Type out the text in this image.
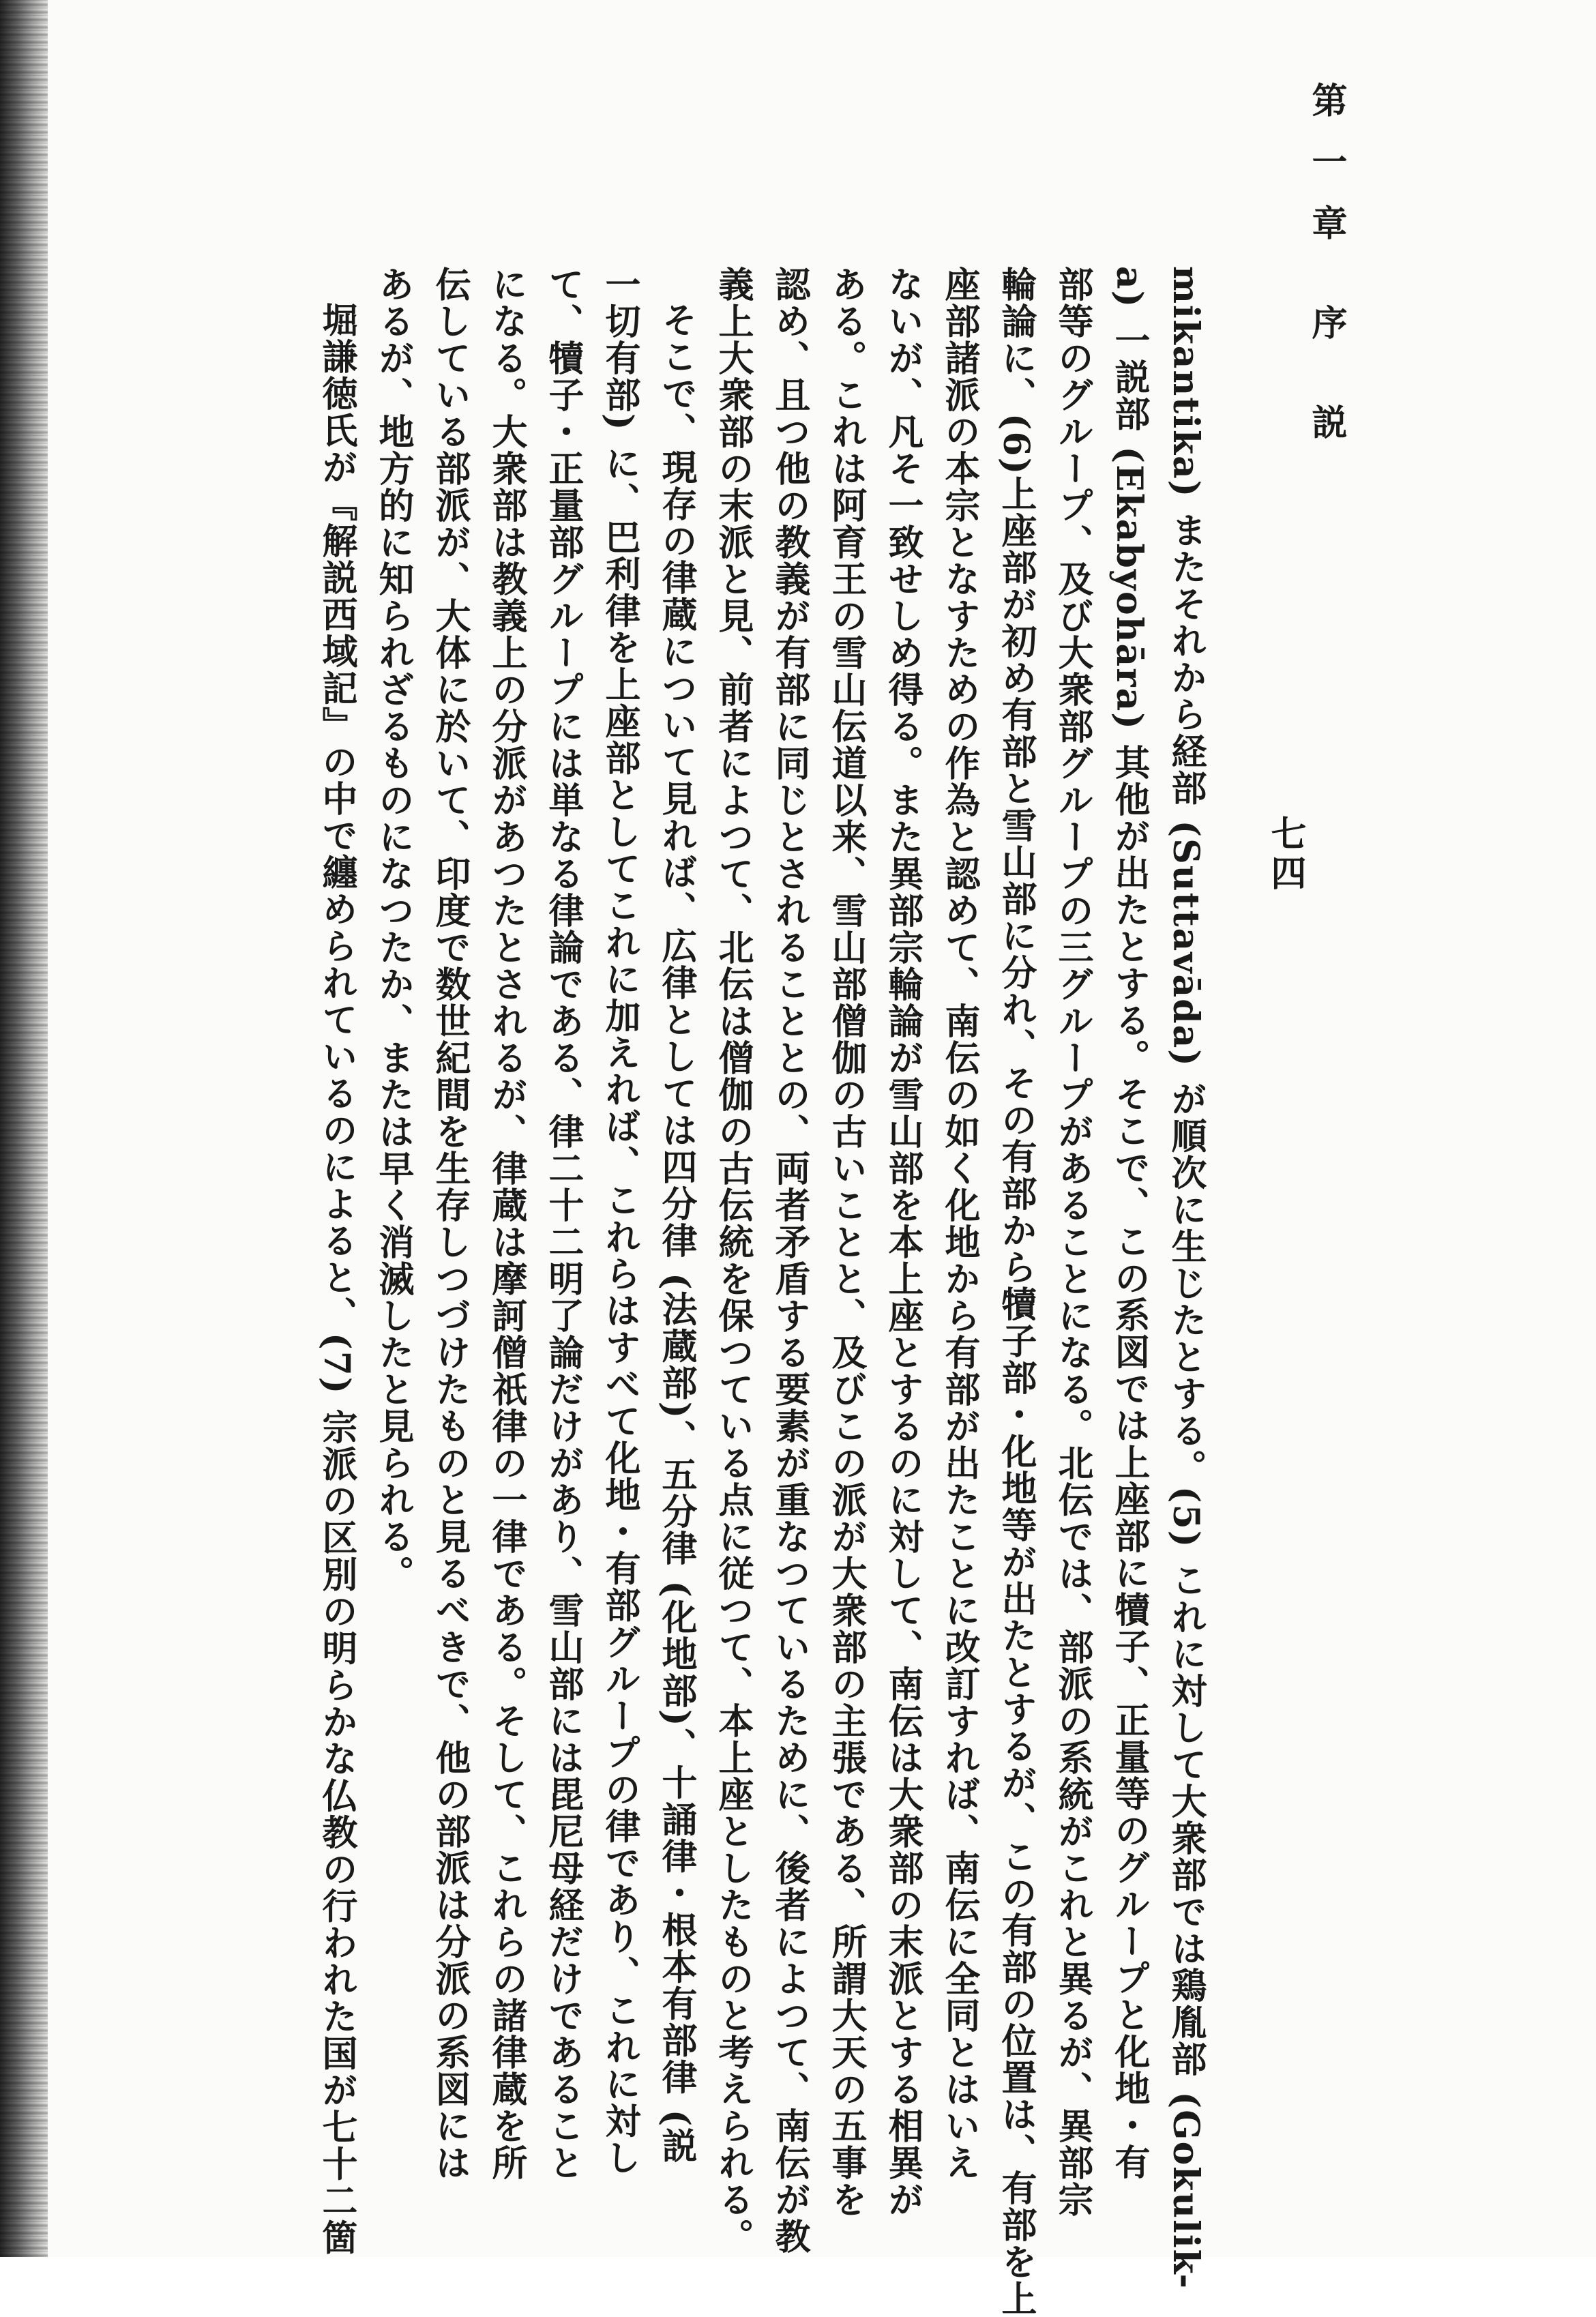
第一章 序 説
七四
mikantika) またそれから経部 (Suttavāda) が順次に生じたとする。(5) これに対して大衆部では鶏胤部 (Gokulik-
a) 一説部 (Ekabyohāra) 其他が出たとする。そこで、この系図では上座部に犢子、正量等のグループと化地・有
部等のグループ、及び大衆部グループの三グループがあることになる。北伝では、部派の系統がこれと異るが、異部宗
輪論に、(6)上座部が初め有部と雪山部に分れ、その有部から犢子部・化地等が出たとするが、この有部の位置は、有部を上
座部諸派の本宗となすための作為と認めて、南伝の如く化地から有部が出たことに改訂すれば、南伝に全同とはいえ
ないが、凡そ一致せしめ得る。また異部宗輪論が雪山部を本上座とするのに対して、南伝は大衆部の末派とする相異が
ある。これは阿育王の雪山伝道以来、雪山部僧伽の古いことと、及びこの派が大衆部の主張である、所謂大天の五事を
認め、且つ他の教義が有部に同じとされることとの、両者矛盾する要素が重なつているために、後者によつて、南伝が教
義上大衆部の末派と見、前者によつて、北伝は僧伽の古伝統を保つている点に従つて、本上座としたものと考えられる。
そこで、現存の律蔵について見れば、広律としては四分律 (法蔵部)、五分律 (化地部)、十誦律・根本有部律 (説
一切有部) に、巴利律を上座部としてこれに加えれば、これらはすべて化地・有部グループの律であり、これに対し
て、犢子・正量部グループには単なる律論である、律二十二明了論だけがあり、雪山部には毘尼母経だけであること
になる。大衆部は教義上の分派があつたとされるが、律蔵は摩訶僧祇律の一律である。そして、これらの諸律蔵を所
伝している部派が、大体に於いて、印度で数世紀間を生存しつづけたものと見るべきで、他の部派は分派の系図には
あるが、地方的に知られざるものになつたか、または早く消滅したと見られる。
堀謙徳氏が『解説西域記』の中で纏められているのによると、(7) 宗派の区別の明らかな仏教の行われた国が七十二箇
